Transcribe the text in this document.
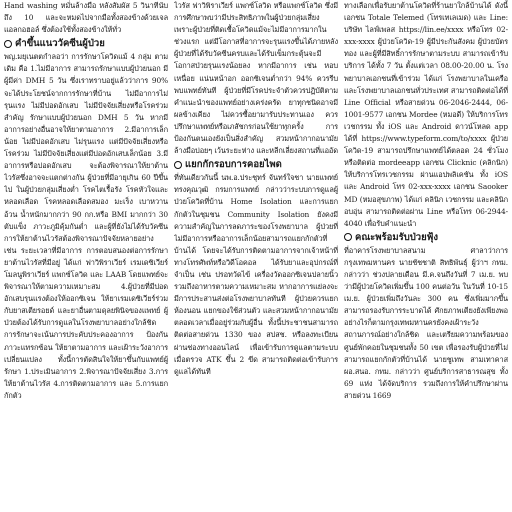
Hand washing หมั่นล้างมือ หลังสัมผัส 5 วินาทีนับถึง 10 และจะหมดไปจากมือทั้งสองข้างด้วยเจลแอลกอฮอล์ ซึ่งต้องใช้ทั้งสองข้างให้ทั่ว

คำขึ้นแนววัคซีนผู้ป่วย

พญ.มยุเนตตกำลอว่า การรักษาโควิดแม้ 4 กลุ่ม ตามเดิม คือ 1.ไม่มีอาการ สามารถรักษาแบบผู้ป่วยนอก มีผู้มีค่า DMH 5 วัน ซึ่งเราทราบอยู่แล้วว่าการ 90% จะได้ประโยชน์จากการรักษาที่บ้าน ไม่มีอาการไม่รุนแรง ไม่มีปอดอักเสบ ไม่มีปัจจัยเสี่ยงหรือโรคร่วมสำคัญ รักษาแบบผู้ป่วยนอก DMH 5 วัน หากมีอาการอย่างอื่นอาจให้ยาตามอาการ 2.มีอาการเล็กน้อย ไม่มีปอดอักเสบ ไม่รุนแรง แต่มีปัจจัยเสี่ยงหรือโรคร่วม ไม่มีปัจจัยเสี่ยงแต่มีปอดอักเสบเล็กน้อย 3.มีอาการหรือปอดอักเสบ จะต้องพิจารณาให้ยาต้านไวรัสซึ่งอาจจะแตกต่างกัน ผู้ป่วยที่มีอายุเกิน 60 ปีขึ้นไป ในผู้ป่วยกลุ่มเสี่ยงต่ำ โรคไตเรื้อรัง โรคหัวใจและหลอดเลือด โรคหลอดเลือดสมอง มะเร็ง เบาหวาน อ้วน น้ำหนักมากกว่า 90 กก.หรือ BMI มากกว่า 30 ตับแข็ง ภาวะภูมิคุ้มกันต่ำ และผู้ที่ยังไม่ได้รับวัคซีน การให้ยาต้านไวรัสต้องพิจารณาปัจจัยหลายอย่าง เช่น ระยะเวลาที่มีอาการ การตอบสนองต่อการรักษา ยาต้านไวรัสที่มีอยู่ ได้แก่ ฟาวิพิราเวียร์ เรมเดซิเวียร์ โมลนูพิราเวียร์ แพกซ์โลวิด และ LAAB โดยแพทย์จะพิจารณาให้ตามความเหมาะสม 4.ผู้ป่วยที่มีปอดอักเสบรุนแรงต้องให้ออกซิเจน ให้ยาเรมเดซิเวียร์ร่วมกับยาสเตียรอยด์ และยาอื่นตามดุลยพินิจของแพทย์ ผู้ป่วยต้องได้รับการดูแลในโรงพยาบาลอย่างใกล้ชิด การรักษาจะเน้นการประคับประคองอาการ ป้องกันภาวะแทรกซ้อน ให้ยาตามอาการ และเฝ้าระวังอาการเปลี่ยนแปลง ทั้งนี้การตัดสินใจให้ยาขึ้นกับแพทย์ผู้รักษา 1.ประเมินอาการ 2.พิจารณาปัจจัยเสี่ยง 3.การให้ยาต้านไวรัส 4.การติดตามอาการ และ 5.การแยกกักตัว

ไวรัส ฟาวิพิราเวียร์ แพกซ์โลวิด หรือแพกซ์โลวิด ซึ่งมีการศึกษาพบว่ามีประสิทธิภาพในผู้ป่วยกลุ่มเสี่ยง เพราะผู้ป่วยที่ติดเชื้อโควิดแม้จะไม่มีอาการมากในช่วงแรก แต่มีโอกาสที่อาการจะรุนแรงขึ้นได้ภายหลัง ผู้ป่วยที่ได้รับวัคซีนครบและได้รับเข็มกระตุ้นจะมีโอกาสป่วยรุนแรงน้อยลง หากมีอาการ เช่น หอบเหนื่อย แน่นหน้าอก ออกซิเจนต่ำกว่า 94% ควรรีบพบแพทย์ทันที ผู้ป่วยที่มีโรคประจำตัวควรปฏิบัติตามคำแนะนำของแพทย์อย่างเคร่งครัด ยาทุกชนิดอาจมีผลข้างเคียง ไม่ควรซื้อยามารับประทานเอง ควรปรึกษาแพทย์หรือเภสัชกรก่อนใช้ยาทุกครั้ง การป้องกันตนเองยังเป็นสิ่งสำคัญ สวมหน้ากากอนามัย ล้างมือบ่อยๆ เว้นระยะห่าง และหลีกเลี่ยงสถานที่แออัด

แยกกักรอบการคอยไพด

ที่ทันเดียวกันนี้ นพ.อ.ประชุทร์ จันทร์ใจชา นายแพทย์ทรงคุณวุฒิ กรมการแพทย์ กล่าวว่าระบบการดูแลผู้ป่วยโควิดที่บ้าน Home Isolation และการแยกกักตัวในชุมชน Community Isolation ยังคงมีความสำคัญในการลดภาระของโรงพยาบาล ผู้ป่วยที่ไม่มีอาการหรืออาการเล็กน้อยสามารถแยกกักตัวที่บ้านได้ โดยจะได้รับการติดตามอาการจากเจ้าหน้าที่ทางโทรศัพท์หรือวิดีโอคอล ได้รับยาและอุปกรณ์ที่จำเป็น เช่น ปรอทวัดไข้ เครื่องวัดออกซิเจนปลายนิ้ว รวมถึงอาหารตามความเหมาะสม หากอาการแย่ลงจะมีการประสานส่งต่อโรงพยาบาลทันที ผู้ป่วยควรแยกห้องนอน แยกของใช้ส่วนตัว และสวมหน้ากากอนามัยตลอดเวลาเมื่ออยู่ร่วมกับผู้อื่น ทั้งนี้ประชาชนสามารถติดต่อสายด่วน 1330 ของ สปสช. หรือลงทะเบียนผ่านช่องทางออนไลน์ เพื่อเข้ารับการดูแลตามระบบ เมื่อตรวจ ATK ขึ้น 2 ขีด สามารถติดต่อเข้ารับการดูแลได้ทันที

ทางเลือกเพื่อรับยาต้านโควิดที่ร้านยาใกล้บ้านได้ ดังนี้ เอกชน Totale Telemed (โทรเทเลเมด) และ Line: บริษัท ไลฟ์เพลส https://lin.ee/xxxx หรือโทร 02-xxx-xxxx ผู้ป่วยโควิด-19 ผู้มีประกันสังคม ผู้ป่วยบัตรทอง และผู้ที่มีสิทธิ์การรักษาตามระบบ สามารถเข้ารับบริการ ได้ทั้ง 7 วัน ตั้งแต่เวลา 08.00-20.00 น. โรงพยาบาลเอกชนที่เข้าร่วม ได้แก่ โรงพยาบาลในเครือ และโรงพยาบาลเอกชนทั่วประเทศ สามารถติดต่อได้ที่ Line Official หรือสายด่วน 06-2046-2444, 06-1001-9577 เอกชน Mordee (หมอดี) ให้บริการโทรเวชกรรม ทั้ง iOS และ Android ดาวน์โหลด app ได้ที่ https://www.typeform.com/to/xxxx ผู้ป่วยโควิด-19 สามารถปรึกษาแพทย์ได้ตลอด 24 ชั่วโมง หรือติดต่อ mordeeapp เอกชน Clicknic (คลิกนิก) ให้บริการโทรเวชกรรม ผ่านแอปพลิเคชัน ทั้ง iOS และ Android โทร 02-xxx-xxxx เอกชน Saooker MD (หมอสุขภาพ) ได้แก่ คลินิก เวชกรรม และคลินิกอบอุ่น สามารถติดต่อผ่าน Line หรือโทร 06-2944-4040 เพื่อรับคำแนะนำ

คณะพร้อมรับป่วยฟุ้ง

ที่อาคารโรงพยาบาลสนาม ศาลาว่าการกรุงเทพมหานคร นายชัชชาติ สิทธิพันธุ์ ผู้ว่าฯ กทม. กล่าวว่า ช่วงปลายเดือน มี.ค.จนถึงวันที่ 7 เม.ย. พบว่ามีผู้ป่วยโควิดเพิ่มขึ้น 100 คนต่อวัน ในวันที่ 10-15 เม.ย. ผู้ป่วยเพิ่มถึงวันละ 300 คน ซึ่งเพิ่มมากขึ้น สามารถรองรับการระบาดได้ ศักยภาพเตียงยังเพียงพอ อย่างไรก็ตามกรุงเทพมหานครยังคงเฝ้าระวังสถานการณ์อย่างใกล้ชิด และเตรียมความพร้อมของศูนย์พักคอยในชุมชนทั้ง 50 เขต เพื่อรองรับผู้ป่วยที่ไม่สามารถแยกกักตัวที่บ้านได้ นายชูเทพ สามเทาคาส ผอ.สนอ. กทม. กล่าวว่า ศูนย์บริการสาธารณสุข ทั้ง 69 แห่ง ได้จัดบริการ รวมถึงการให้คำปรึกษาผ่านสายด่วน 1669
